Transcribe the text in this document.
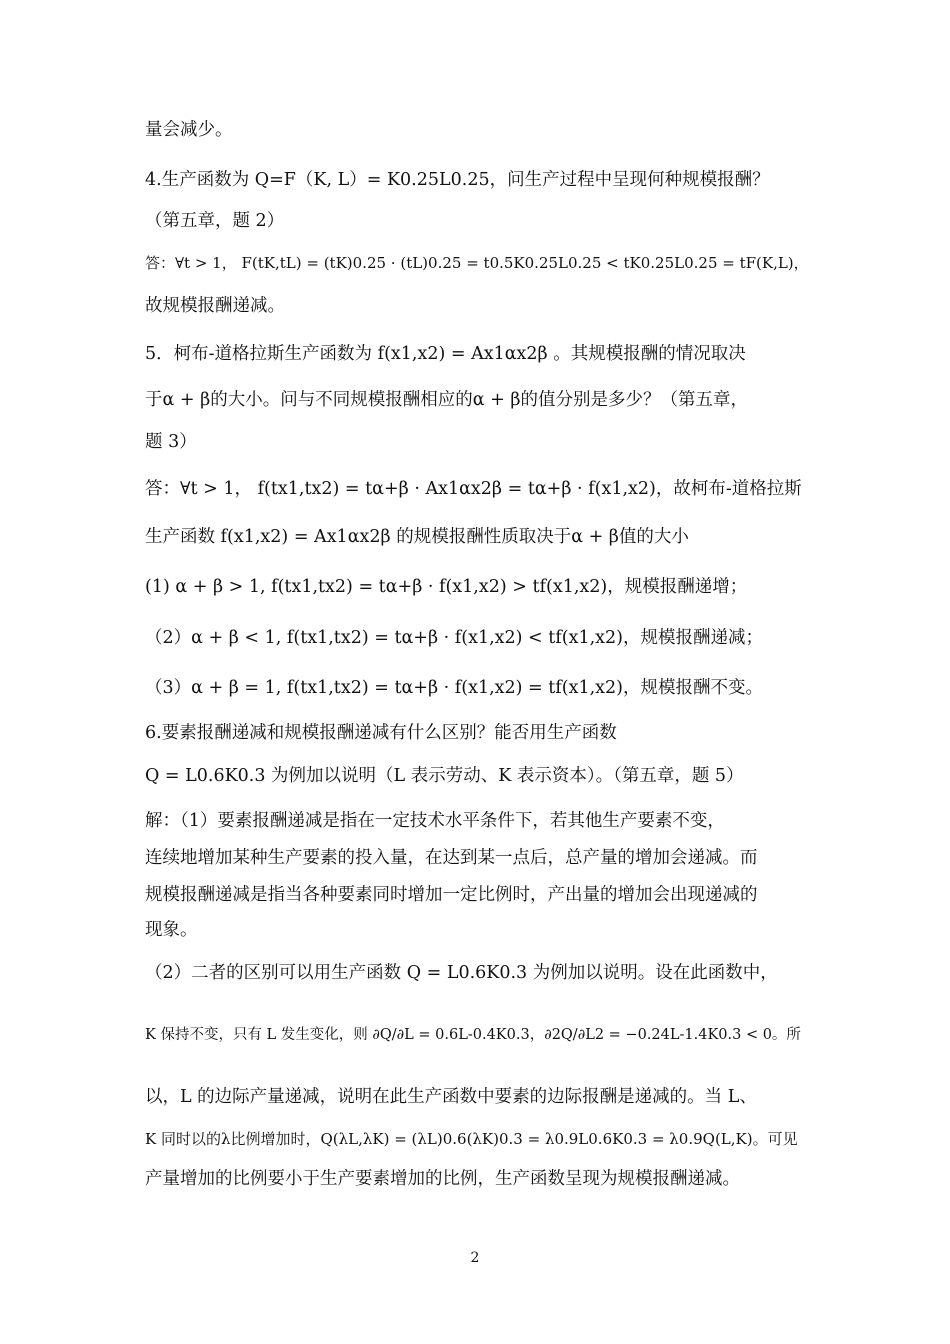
量会减少。
4.生产函数为 Q=F（K, L）= K0.25L0.25，问生产过程中呈现何种规模报酬？
（第五章，题 2）
答：∀t > 1， F(tK,tL) = (tK)0.25 · (tL)0.25 = t0.5K0.25L0.25 < tK0.25L0.25 = tF(K,L)，
故规模报酬递减。
5．柯布-道格拉斯生产函数为 f(x1,x2) = Ax1αx2β 。其规模报酬的情况取决
于α + β的大小。问与不同规模报酬相应的α + β的值分别是多少？（第五章，
题 3）
答：∀t > 1， f(tx1,tx2) = tα+β · Ax1αx2β = tα+β · f(x1,x2)，故柯布-道格拉斯
生产函数 f(x1,x2) = Ax1αx2β 的规模报酬性质取决于α + β值的大小
(1) α + β > 1, f(tx1,tx2) = tα+β · f(x1,x2) > tf(x1,x2)，规模报酬递增；
（2）α + β < 1, f(tx1,tx2) = tα+β · f(x1,x2) < tf(x1,x2)，规模报酬递减；
（3）α + β = 1, f(tx1,tx2) = tα+β · f(x1,x2) = tf(x1,x2)，规模报酬不变。
6.要素报酬递减和规模报酬递减有什么区别？能否用生产函数
Q = L0.6K0.3 为例加以说明（L 表示劳动、K 表示资本）。（第五章，题 5）
解：（1）要素报酬递减是指在一定技术水平条件下，若其他生产要素不变，
连续地增加某种生产要素的投入量，在达到某一点后，总产量的增加会递减。而
规模报酬递减是指当各种要素同时增加一定比例时，产出量的增加会出现递减的
现象。
（2）二者的区别可以用生产函数 Q = L0.6K0.3 为例加以说明。设在此函数中，
K 保持不变，只有 L 发生变化，则 ∂Q/∂L = 0.6L-0.4K0.3，∂2Q/∂L2 = −0.24L-1.4K0.3 < 0。所
以，L 的边际产量递减，说明在此生产函数中要素的边际报酬是递减的。当 L、
K 同时以的λ比例增加时，Q(λL,λK) = (λL)0.6(λK)0.3 = λ0.9L0.6K0.3 = λ0.9Q(L,K)。可见
产量增加的比例要小于生产要素增加的比例，生产函数呈现为规模报酬递减。
2
